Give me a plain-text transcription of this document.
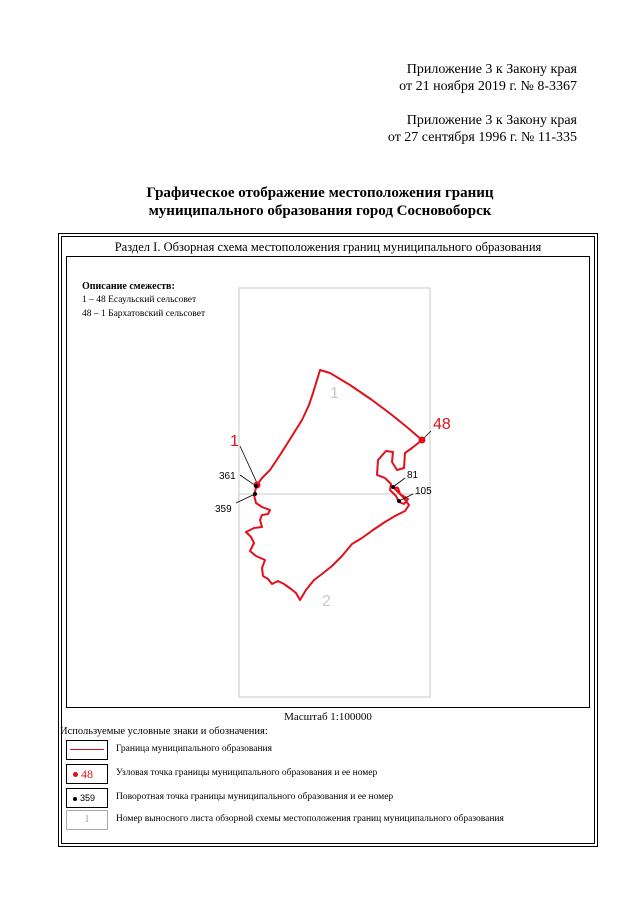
Приложение 3 к Закону края
от 21 ноября 2019 г. № 8-3367
Приложение 3 к Закону края
от 27 сентября 1996 г. № 11-335
Графическое отображение местоположения границ
муниципального образования город Сосновоборск
Раздел I. Обзорная схема местоположения границ муниципального образования
Описание смежеств:
1 – 48 Есаульский сельсовет
48 – 1 Бархатовский сельсовет
1
2
1
48
361
359
81
105
Масштаб 1:100000
Используемые условные знаки и обозначения:
Граница муниципального образования
48 Узловая точка границы муниципального образования и ее номер
359 Поворотная точка границы муниципального образования и ее номер
1	Номер выносного листа обзорной схемы местоположения границ муниципального образования
